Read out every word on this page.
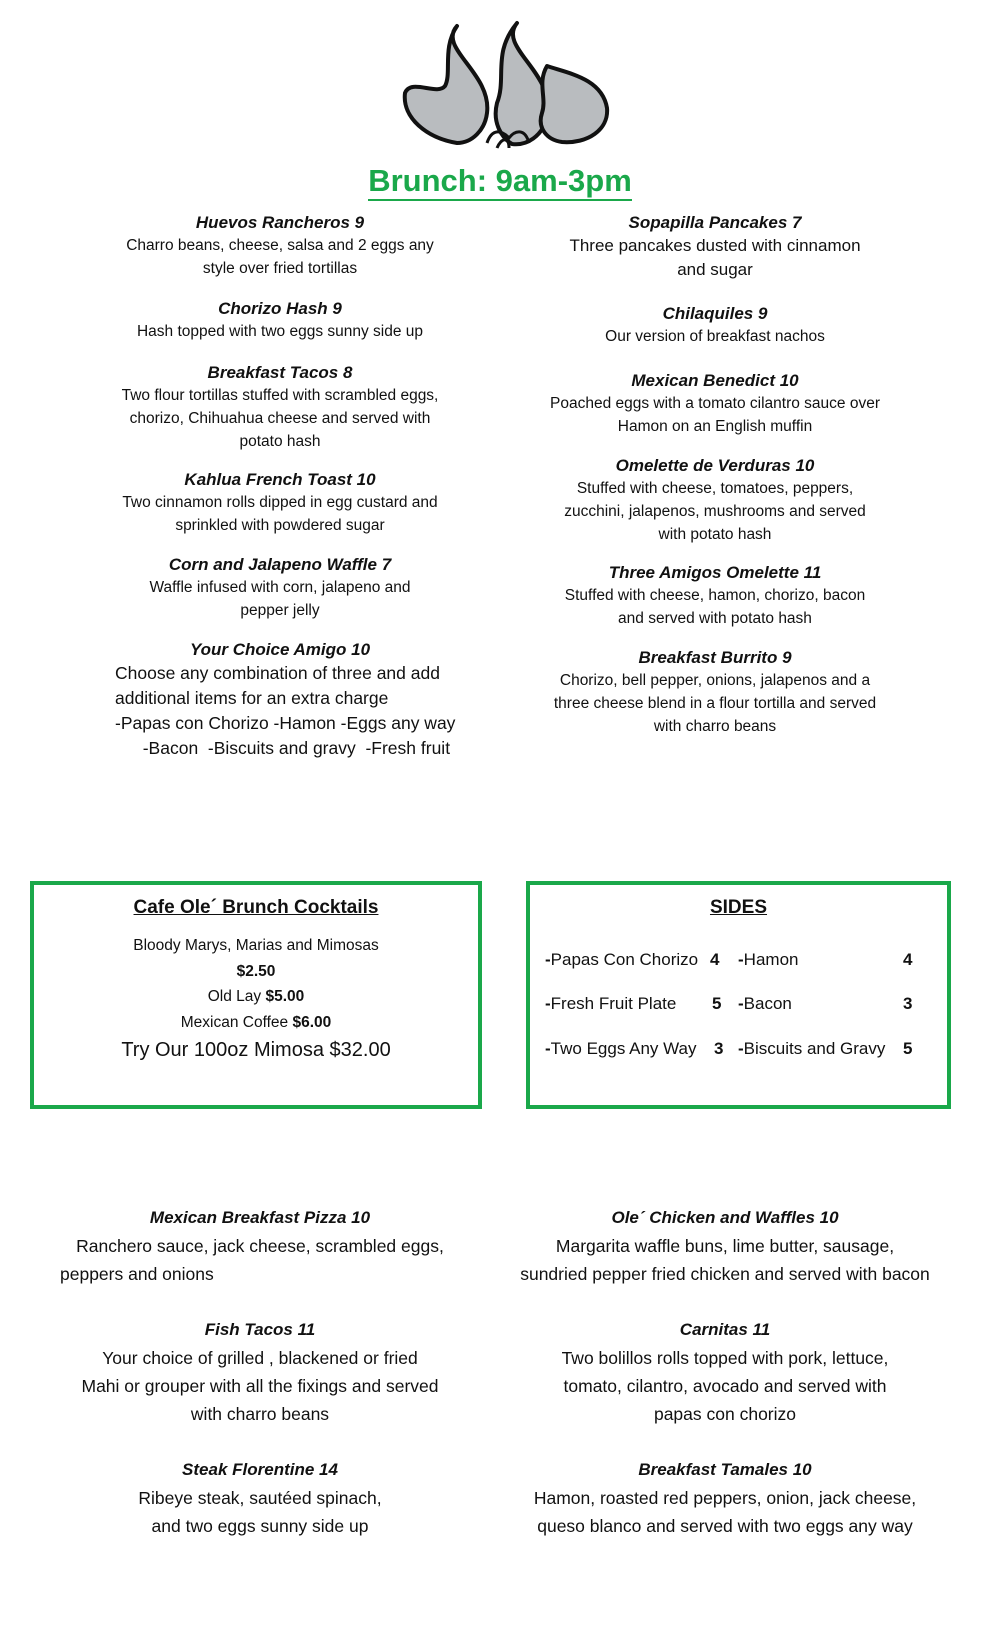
Brunch: 9am-3pm
Huevos Rancheros 9
Charro beans, cheese, salsa and 2 eggs any
style over fried tortillas
Chorizo Hash 9
Hash topped with two eggs sunny side up
Breakfast Tacos 8
Two flour tortillas stuffed with scrambled eggs,
chorizo, Chihuahua cheese and served with
potato hash
Kahlua French Toast 10
Two cinnamon rolls dipped in egg custard and
sprinkled with powdered sugar
Corn and Jalapeno Waffle 7
Waffle infused with corn, jalapeno and
pepper jelly
Your Choice Amigo 10
Choose any combination of three and add
additional items for an extra charge
-Papas con Chorizo -Hamon -Eggs any way
-Bacon  -Biscuits and gravy  -Fresh fruit
Sopapilla Pancakes 7
Three pancakes dusted with cinnamon
and sugar
Chilaquiles 9
Our version of breakfast nachos
Mexican Benedict 10
Poached eggs with a tomato cilantro sauce over
Hamon on an English muffin
Omelette de Verduras 10
Stuffed with cheese, tomatoes, peppers,
zucchini, jalapenos, mushrooms and served
with potato hash
Three Amigos Omelette 11
Stuffed with cheese, hamon, chorizo, bacon
and served with potato hash
Breakfast Burrito 9
Chorizo, bell pepper, onions, jalapenos and a
three cheese blend in a flour tortilla and served
with charro beans
Cafe Ole´ Brunch Cocktails
Bloody Marys, Marias and Mimosas
$2.50
Old Lay $5.00
Mexican Coffee $6.00
Try Our 100oz Mimosa $32.00
SIDES
-Papas Con Chorizo 4 -Hamon	4
-Fresh Fruit Plate 5 -Bacon	3
-Two Eggs Any Way 3 -Biscuits and Gravy 5
Mexican Breakfast Pizza 10
Ranchero sauce, jack cheese, scrambled eggs,
peppers and onions
Fish Tacos 11
Your choice of grilled , blackened or fried
Mahi or grouper with all the fixings and served
with charro beans
Steak Florentine 14
Ribeye steak, sautéed spinach,
and two eggs sunny side up
Ole´ Chicken and Waffles 10
Margarita waffle buns, lime butter, sausage,
sundried pepper fried chicken and served with bacon
Carnitas 11
Two bolillos rolls topped with pork, lettuce,
tomato, cilantro, avocado and served with
papas con chorizo
Breakfast Tamales 10
Hamon, roasted red peppers, onion, jack cheese,
queso blanco and served with two eggs any way
